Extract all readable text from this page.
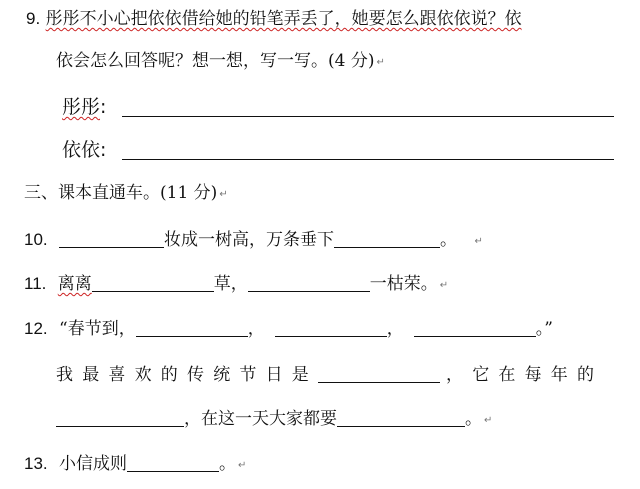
9. 彤彤不小心把依依借给她的铅笔弄丢了，她要怎么跟依依说？依
依会怎么回答呢？想一想，写一写。(4 分) ↵
彤彤:
依依:
三、课本直通车。(11 分) ↵
10.	妆成一树高，万条垂下	。 ↵
11. 离离	草，	一枯荣。 ↵
12. “春节到，	，	，	。”
我最喜欢的传统节日是	，它在每年的
，在这一天大家都要	。 ↵
13. 小信成则	。 ↵
